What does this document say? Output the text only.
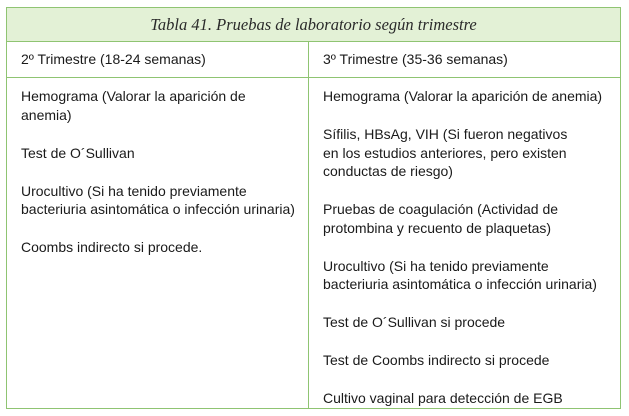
Tabla 41. Pruebas de laboratorio según trimestre
2º Trimestre (18-24 semanas)	3º Trimestre (35-36 semanas)

Hemograma (Valorar la aparición de
anemia)

Test de O´Sullivan

Urocultivo (Si ha tenido previamente
bacteriuria asintomática o infección urinaria)

Coombs indirecto si procede.

Hemograma (Valorar la aparición de anemia)

Sífilis, HBsAg, VIH (Si fueron negativos
en los estudios anteriores, pero existen
conductas de riesgo)

Pruebas de coagulación (Actividad de
protombina y recuento de plaquetas)

Urocultivo (Si ha tenido previamente
bacteriuria asintomática o infección urinaria)

Test de O´Sullivan si procede

Test de Coombs indirecto si procede

Cultivo vaginal para detección de EGB
